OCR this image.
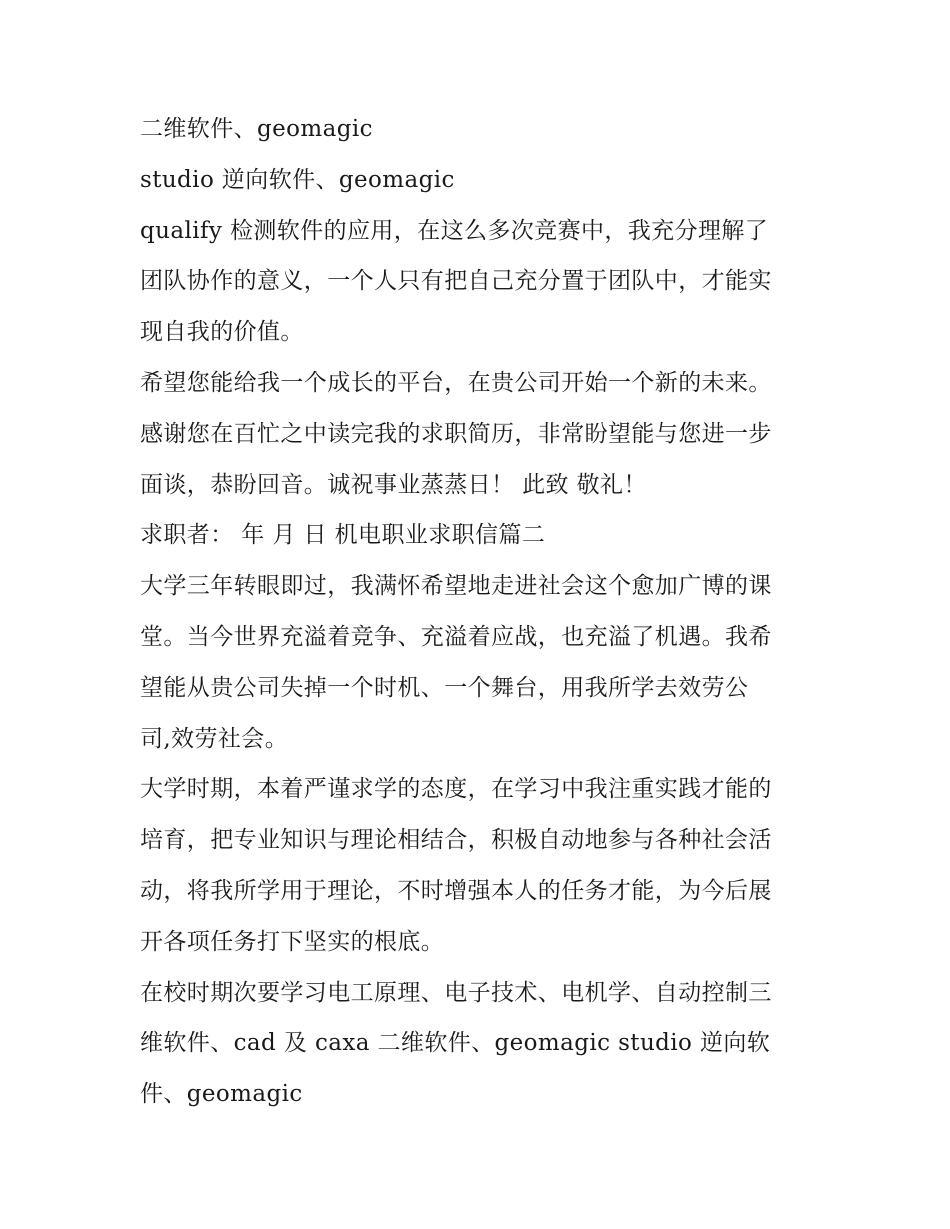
二维软件、geomagic
studio 逆向软件、geomagic
qualify 检测软件的应用，在这么多次竞赛中，我充分理解了
团队协作的意义，一个人只有把自己充分置于团队中，才能实
现自我的价值。
希望您能给我一个成长的平台，在贵公司开始一个新的未来。
感谢您在百忙之中读完我的求职简历，非常盼望能与您进一步
面谈，恭盼回音。诚祝事业蒸蒸日！ 此致 敬礼！
求职者： 年 月 日 机电职业求职信篇二
大学三年转眼即过，我满怀希望地走进社会这个愈加广博的课
堂。当今世界充溢着竞争、充溢着应战，也充溢了机遇。我希
望能从贵公司失掉一个时机、一个舞台，用我所学去效劳公
司,效劳社会。
大学时期，本着严谨求学的态度，在学习中我注重实践才能的
培育，把专业知识与理论相结合，积极自动地参与各种社会活
动，将我所学用于理论，不时增强本人的任务才能，为今后展
开各项任务打下坚实的根底。
在校时期次要学习电工原理、电子技术、电机学、自动控制三
维软件、cad 及 caxa 二维软件、geomagic studio 逆向软
件、geomagic
